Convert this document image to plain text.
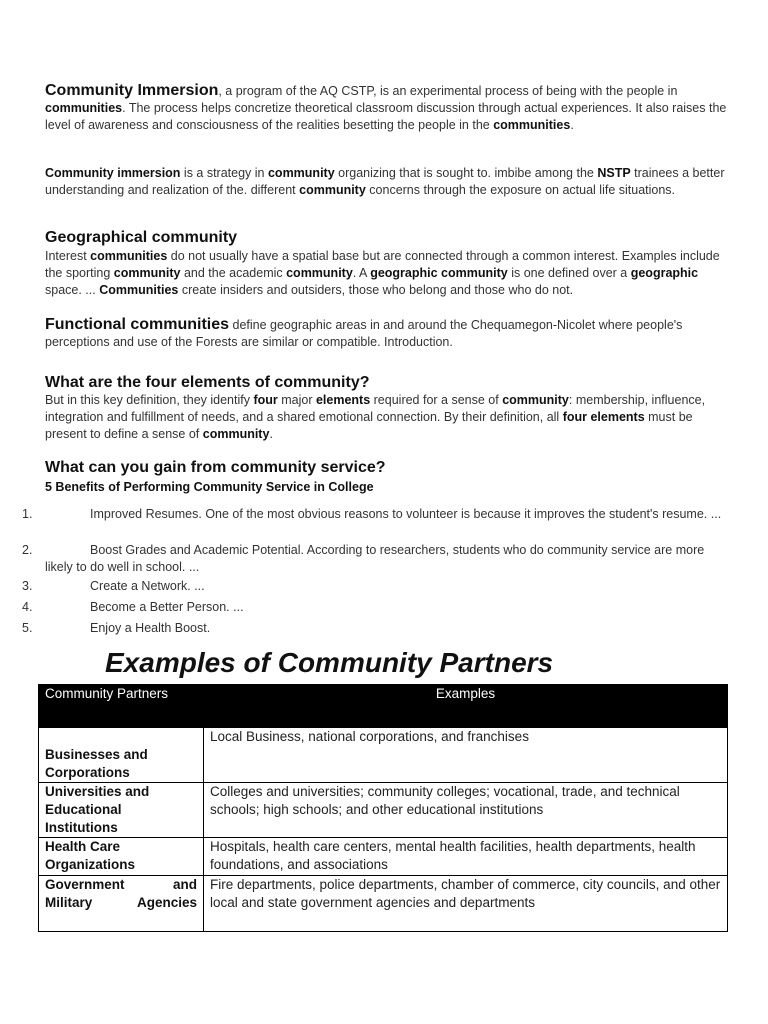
Community Immersion, a program of the AQ CSTP, is an experimental process of being with the people in communities. The process helps concretize theoretical classroom discussion through actual experiences. It also raises the level of awareness and consciousness of the realities besetting the people in the communities.

Community immersion is a strategy in community organizing that is sought to. imbibe among the NSTP trainees a better understanding and realization of the. different community concerns through the exposure on actual life situations.

Geographical community

Interest communities do not usually have a spatial base but are connected through a common interest. Examples include the sporting community and the academic community. A geographic community is one defined over a geographic space. ... Communities create insiders and outsiders, those who belong and those who do not.

Functional communities define geographic areas in and around the Chequamegon-Nicolet where people's perceptions and use of the Forests are similar or compatible. Introduction.

What are the four elements of community?

But in this key definition, they identify four major elements required for a sense of community: membership, influence, integration and fulfillment of needs, and a shared emotional connection. By their definition, all four elements must be present to define a sense of community.

What can you gain from community service?
5 Benefits of Performing Community Service in College
1.	Improved Resumes. One of the most obvious reasons to volunteer is because it improves the student's resume. ...
2.	Boost Grades and Academic Potential. According to researchers, students who do community service are more likely to do well in school. ...
3.	Create a Network. ...
4.	Become a Better Person. ...
5.	Enjoy a Health Boost.
Examples of Community Partners
Community Partners	Examples
Businesses and Corporations	Local Business, national corporations, and franchises
Universities and Educational Institutions	Colleges and universities; community colleges; vocational, trade, and technical schools; high schools; and other educational institutions
Health Care Organizations	Hospitals, health care centers, mental health facilities, health departments, health foundations, and associations
Government and Military Agencies	Fire departments, police departments, chamber of commerce, city councils, and other local and state government agencies and departments
